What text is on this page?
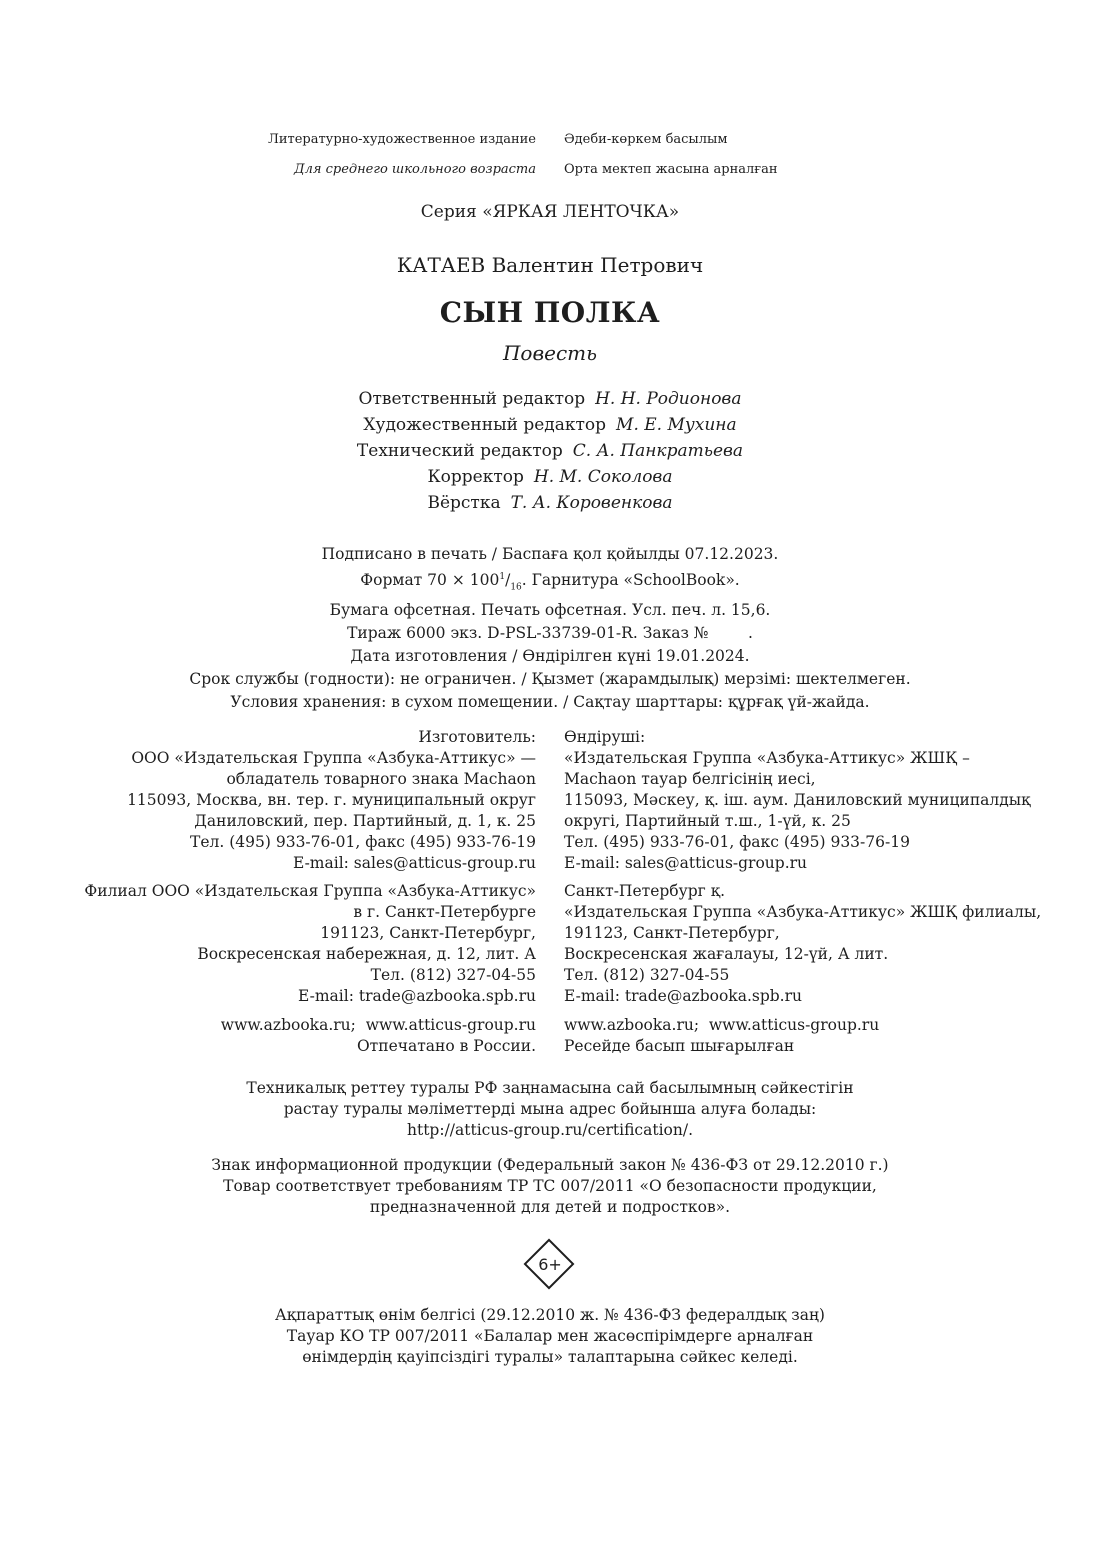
Литературно-художественное издание Әдеби-көркем басылым
Для среднего школьного возраста Орта мектеп жасына арналған
Серия «ЯРКАЯ ЛЕНТОЧКА»
КАТАЕВ Валентин Петрович
СЫН ПОЛКА
Повесть
Ответственный редактор Н. Н. Родионова
Художественный редактор М. Е. Мухина
Технический редактор С. А. Панкратьева
Корректор Н. М. Соколова
Вёрстка Т. А. Коровенкова
Подписано в печать / Баспаға қол қойылды 07.12.2023.
Формат $70 \times 100^1/_{16}$. Гарнитура «SchoolBook».
Бумага офсетная. Печать офсетная. Усл. печ. л. 15,6.
Тираж 6000 экз. D-PSL-33739-01-R. Заказ №        .
Дата изготовления / Өндірілген күні 19.01.2024.
Срок службы (годности): не ограничен. / Қызмет (жарамдылық) мерзімі: шектелмеген.
Условия хранения: в сухом помещении. / Сақтау шарттары: құрғақ үй-жайда.
Изготовитель:
ООО «Издательская Группа «Азбука-Аттикус» —
обладатель товарного знака Machaon
115093, Москва, вн. тер. г. муниципальный округ
Даниловский, пер. Партийный, д. 1, к. 25
Тел. (495) 933-76-01, факс (495) 933-76-19
E-mail: sales@atticus-group.ru
Өндіруші:
«Издательская Группа «Азбука-Аттикус» ЖШҚ –
Machaon тауар белгісінің иесі,
115093, Мәскеу, қ. іш. аум. Даниловский муниципалдық
округі, Партийный т.ш., 1-үй, к. 25
Тел. (495) 933-76-01, факс (495) 933-76-19
E-mail: sales@atticus-group.ru
Филиал ООО «Издательская Группа «Азбука-Аттикус»
в г. Санкт-Петербурге
191123, Санкт-Петербург,
Воскресенская набережная, д. 12, лит. А
Тел. (812) 327-04-55
E-mail: trade@azbooka.spb.ru
Санкт-Петербург қ.
«Издательская Группа «Азбука-Аттикус» ЖШҚ филиалы,
191123, Санкт-Петербург,
Воскресенская жағалауы, 12-үй, А лит.
Тел. (812) 327-04-55
E-mail: trade@azbooka.spb.ru
www.azbooka.ru;  www.atticus-group.ru
Отпечатано в России.
www.azbooka.ru;  www.atticus-group.ru
Ресейде басып шығарылған
Техникалық реттеу туралы РФ заңнамасына сай басылымның сәйкестігін
растау туралы мәліметтерді мына адрес бойынша алуға болады:
http://atticus-group.ru/certification/.
Знак информационной продукции (Федеральный закон № 436-ФЗ от 29.12.2010 г.)
Товар соответствует требованиям ТР ТС 007/2011 «О безопасности продукции,
предназначенной для детей и подростков».
6+
Ақпараттық өнім белгісі (29.12.2010 ж. № 436-ФЗ федералдық заң)
Тауар КО ТР 007/2011 «Балалар мен жасөспірімдерге арналған
өнімдердің қауіпсіздігі туралы» талаптарына сәйкес келеді.
